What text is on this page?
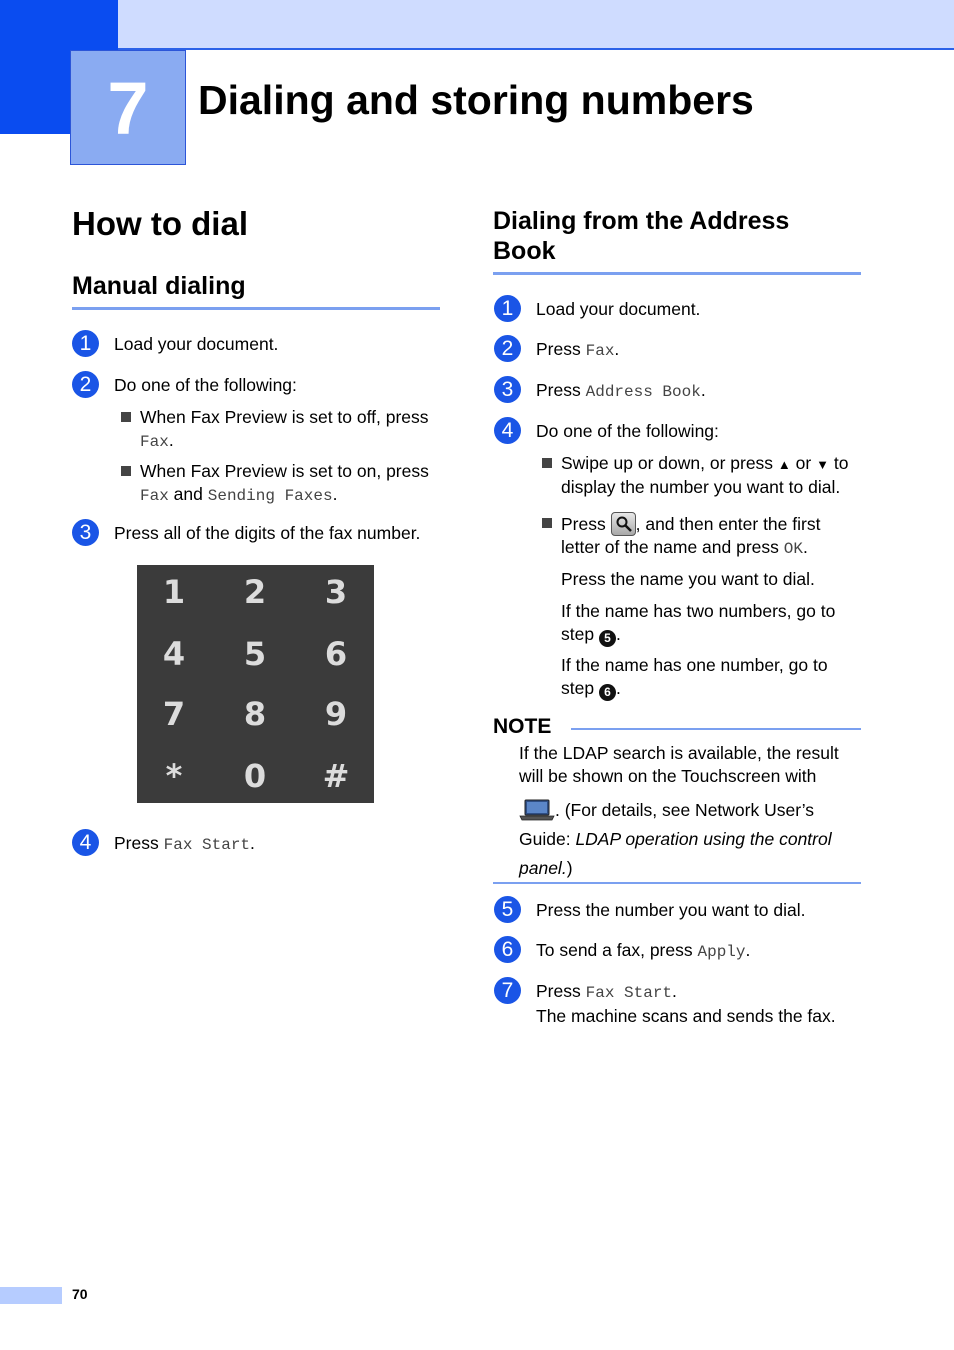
7	Dialing and storing numbers
How to dial
Manual dialing
1	Load your document.
2	Do one of the following:
When Fax Preview is set to off, press
Fax.
When Fax Preview is set to on, press
Fax and Sending Faxes.
3	Press all of the digits of the fax number.
1	2	3
4	5	6
7	8	9
*	0	#
4	Press Fax Start.
Dialing from the Address Book
1	Load your document.
2	Press Fax.
3	Press Address Book.
4	Do one of the following:
Swipe up or down, or press ▲ or ▼ to display the number you want to dial.
Press
, and then enter the first letter of the name and press OK.
Press the name you want to dial.
If the name has two numbers, go to step 5 .
If the name has one number, go to step 6 .
NOTE
If the LDAP search is available, the result will be shown on the Touchscreen with
. (For details, see Network User’s Guide: LDAP operation using the control panel.)
5	Press the number you want to dial.
6	To send a fax, press Apply.
7	Press Fax Start.
The machine scans and sends the fax.
70
